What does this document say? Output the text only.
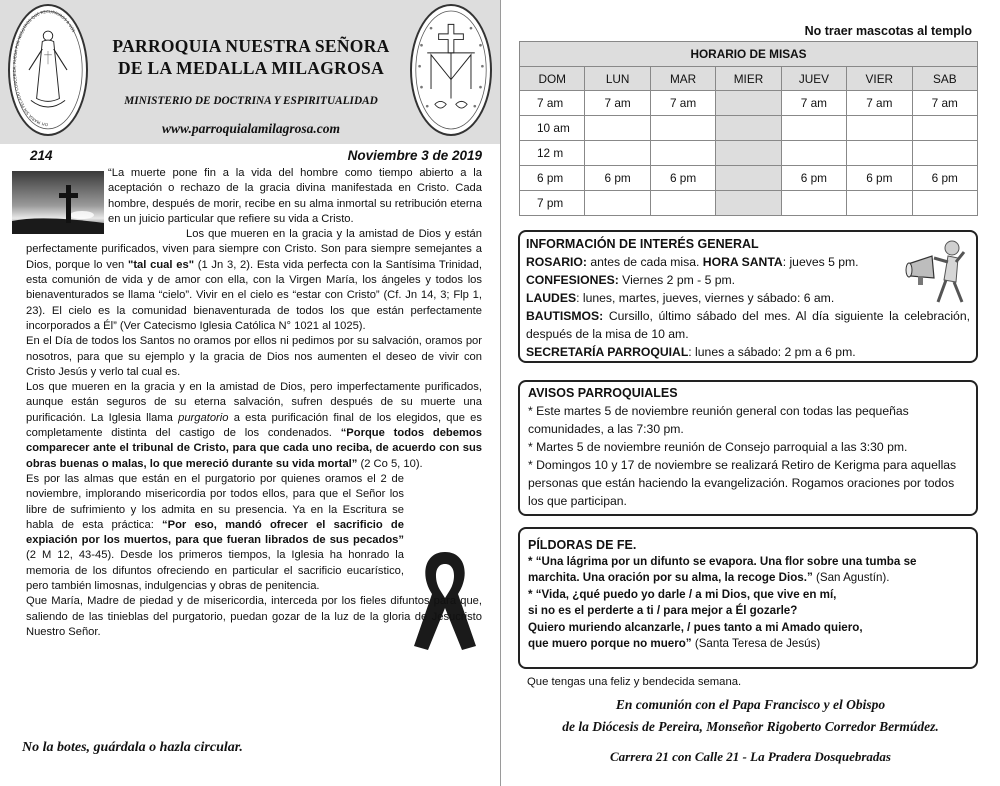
OH MARÍA SIN PECADO CONCEBIDA, RUEGA POR NOSOTROS QUE RECURRIMOS A VOS
PARROQUIA NUESTRA SEÑORA
DE LA MEDALLA MILAGROSA
MINISTERIO DE DOCTRINA Y ESPIRITUALIDAD
www.parroquialamilagrosa.com
214	Noviembre 3 de 2019

“La muerte pone fin a la vida del hombre como tiempo abierto a la aceptación o rechazo de la gracia divina manifestada en Cristo. Cada hombre, después de morir, recibe en su alma inmortal su retribución eterna en un juicio particular que refiere su vida a Cristo.

Los que mueren en la gracia y la amistad de Dios y están perfectamente purificados, viven para siempre con Cristo. Son para siempre semejantes a Dios, porque lo ven "tal cual es" (1 Jn 3, 2). Esta vida perfecta con la Santísima Trinidad, esta comunión de vida y de amor con ella, con la Virgen María, los ángeles y todos los bienaventurados se llama “cielo”. Vivir en el cielo es “estar con Cristo” (Cf. Jn 14, 3; Flp 1, 23). El cielo es la comunidad bienaventurada de todos los que están perfectamente incorporados a Él” (Ver Catecismo Iglesia Católica N° 1021 al 1025).

En el Día de todos los Santos no oramos por ellos ni pedimos por su salvación, oramos por nosotros, para que su ejemplo y la gracia de Dios nos aumenten el deseo de vivir con Cristo Jesús y verlo tal cual es.

Los que mueren en la gracia y en la amistad de Dios, pero imperfectamente purificados, aunque están seguros de su eterna salvación, sufren después de su muerte una purificación. La Iglesia llama purgatorio a esta purificación final de los elegidos, que es completamente distinta del castigo de los condenados. “Porque todos debemos comparecer ante el tribunal de Cristo, para que cada uno reciba, de acuerdo con sus obras buenas o malas, lo que mereció durante su vida mortal” (2 Co 5, 10).

Es por las almas que están en el purgatorio por quienes oramos el 2 de noviembre, implorando misericordia por todos ellos, para que el Señor los libre de sufrimiento y los admita en su presencia. Ya en la Escritura se habla de esta práctica: “Por eso, mandó ofrecer el sacrificio de expiación por los muertos, para que fueran librados de sus pecados” (2 M 12, 43-45). Desde los primeros tiempos, la Iglesia ha honrado la memoria de los difuntos ofreciendo en particular el sacrificio eucarístico, pero también limosnas, indulgencias y obras de penitencia.

Que María, Madre de piedad y de misericordia, interceda por los fieles difuntos para que, saliendo de las tinieblas del purgatorio, puedan gozar de la luz de la gloria de Jesucristo Nuestro Señor.

No la botes, guárdala o hazla circular.
No traer mascotas al templo
HORARIO DE MISAS						
DOM	LUN	MAR	MIER	JUEV	VIER	SAB
7 am	7 am	7 am		7 am	7 am	7 am
10 am						
12 m						
6 pm	6 pm	6 pm		6 pm	6 pm	6 pm
7 pm						
INFORMACIÓN DE INTERÉS GENERAL
ROSARIO: antes de cada misa. HORA SANTA: jueves 5 pm.
CONFESIONES: Viernes 2 pm - 5 pm.
LAUDES: lunes, martes, jueves, viernes y sábado: 6 am.
BAUTISMOS: Cursillo, último sábado del mes. Al día siguiente la celebración, después de la misa de 10 am.
SECRETARÍA PARROQUIAL: lunes a sábado: 2 pm a 6 pm.
AVISOS PARROQUIALES
* Este martes 5 de noviembre reunión general con todas las pequeñas comunidades, a las 7:30 pm.
* Martes 5 de noviembre reunión de Consejo parroquial a las 3:30 pm.
* Domingos 10 y 17 de noviembre se realizará Retiro de Kerigma para aquellas personas que están haciendo la evangelización. Rogamos oraciones por todos los que participan.
PÍLDORAS DE FE.
* “Una lágrima por un difunto se evapora. Una flor sobre una tumba se marchita. Una oración por su alma, la recoge Dios.” (San Agustín).
* “Vida, ¿qué puedo yo darle / a mi Dios, que vive en mí,
si no es el perderte a ti / para mejor a Él gozarle?
Quiero muriendo alcanzarle, / pues tanto a mi Amado quiero,
que muero porque no muero” (Santa Teresa de Jesús)
Que tengas una feliz y bendecida semana.
En comunión con el Papa Francisco y el Obispo
de la Diócesis de Pereira, Monseñor Rigoberto Corredor Bermúdez.
Carrera 21 con Calle 21 - La Pradera Dosquebradas
